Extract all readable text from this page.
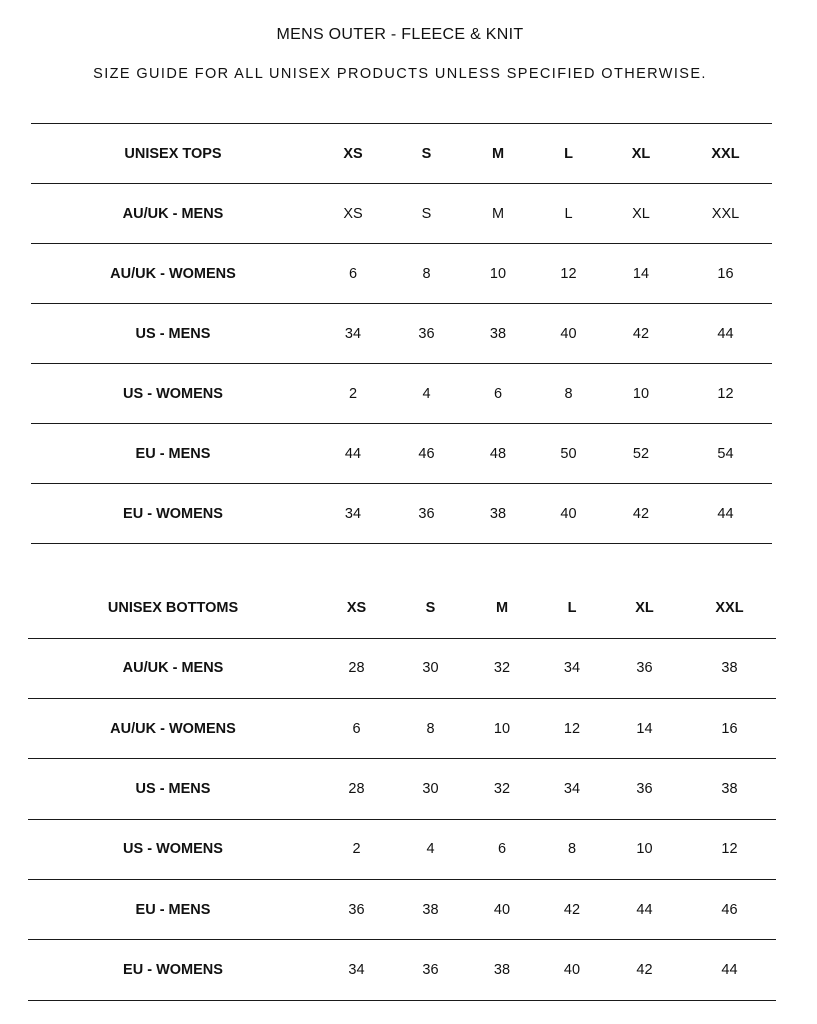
MENS OUTER - FLEECE & KNIT

SIZE GUIDE FOR ALL UNISEX PRODUCTS UNLESS SPECIFIED OTHERWISE.

UNISEX TOPS	XS	S	M	L	XL	XXL
AU/UK - MENS	XS	S	M	L	XL	XXL
AU/UK - WOMENS	6	8	10	12	14	16
US - MENS	34	36	38	40	42	44
US - WOMENS	2	4	6	8	10	12
EU - MENS	44	46	48	50	52	54
EU - WOMENS	34	36	38	40	42	44
UNISEX BOTTOMS	XS	S	M	L	XL	XXL
AU/UK - MENS	28	30	32	34	36	38
AU/UK - WOMENS	6	8	10	12	14	16
US - MENS	28	30	32	34	36	38
US - WOMENS	2	4	6	8	10	12
EU - MENS	36	38	40	42	44	46
EU - WOMENS	34	36	38	40	42	44
